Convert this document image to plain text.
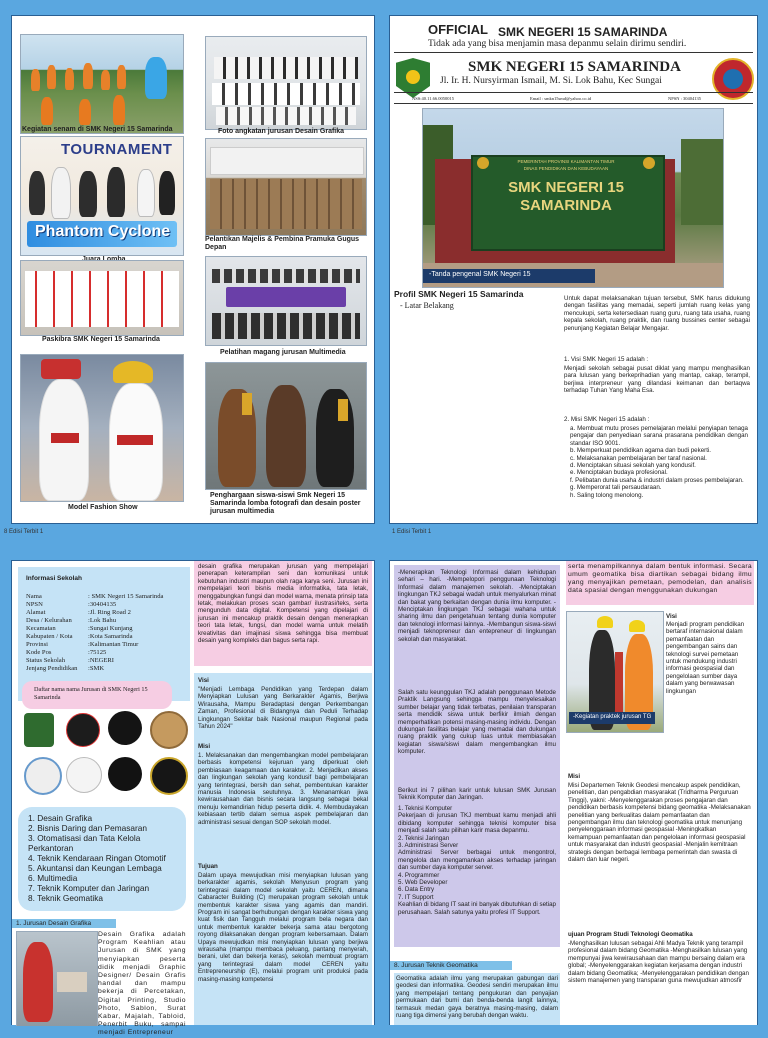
Kegiatan senam di SMK Negeri 15 Samarinda	Foto angkatan jurusan Desain Grafika
TOURNAMENT
Phantom Cyclone	Pelantikan Majelis & Pembina Pramuka Gugus Depan
Paskibra SMK Negeri 15 Samarinda
Pelatihan magang jurusan Multimedia
Model Fashion Show
Penghargaan siswa-siswi Smk Negeri 15 Samarinda lomba fotografi dan desain poster jurusan multimedia
8 Edisi Terbit 1
OFFICIAL SMK NEGERI 15 SAMARINDA
Tidak ada yang bisa menjamin masa depanmu selain dirimu sendiri.
SMK NEGERI 15 SAMARINDA
Jl. Ir. H. Nursyirman Ismail, M. Si. Lok Bahu, Kec Sungai
NSS:40.11.66.0050015	Email : smkn15smd@yahoo.co.id	NPSN : 30404135
PEMERINTAH PROVINSI KALIMANTAN TIMUR
DINAS PENDIDIKAN DAN KEBUDAYAAN
SMK NEGERI 15
SAMARINDA
-Tanda pengenal SMK Negeri 15
Profil SMK Negeri 15 Samarinda
- Latar Belakang
Untuk dapat melaksanakan tujuan tersebut, SMK harus didukung dengan fasilitas yang memadai, seperti jumlah ruang kelas yang mencukupi, serta ketersediaan ruang guru, ruang tata usaha, ruang kepala sekolah, ruang praktik, dan ruang bussines center sebagai penunjang Kegiatan Belajar Mengajar.
1. Visi SMK Negeri 15 adalah :
Menjadi sekolah sebagai pusat diklat yang mampu menghasilkan para lulusan yang berkeprihadian yang mantap, cakap, terampil, berjiwa interpreneur yang dilandasi keimanan dan bertaqwa terhadap Tuhan Yang Maha Esa.
2. Misi SMK Negeri 15 adalah :
a. Membuat mutu proses pemelajaran melalui penyiapan tenaga pengajar dan penyediaan sarana prasarana pendidikan dengan standar ISO 9001.
b. Memperkuat pendidikan agama dan budi pekerti.
c. Melaksanakan pembelajaran ber taraf nasional.
d. Menciptakan situasi sekolah yang kondusif.
e. Menciptakan budaya profesional.
f. Pelibatan dunia usaha & industri dalam proses pembelajaran.
g. Memperorat tali persaudaraan.
h. Saling tolong menolong.
1 Edisi Terbit 1
Informasi Sekolah
Nama	: SMK Negeri 15 Samarinda
NPSN	:30404135
Alamat	:Jl. Ring Road 2
Desa / Kelurahan :Lok Bahu
Kecamatan	:Sungai Kunjang
Kabupaten / Kota :Kota Samarinda
Provinsi	:Kalimantan Timur
Kode Pos	:75125
Status Sekolah	:NEGERI
Jenjang Pendidikan :SMK
Daftar nama nama Jurusan di SMK Negeri 15 Samarinda
1. Desain Grafika
2. Bisnis Daring dan Pemasaran
3. Otomatisasi dan Tata Kelola Perkantoran
4. Teknik Kendaraan Ringan Otomotif
5. Akuntansi dan Keungan Lembaga
6. Multimedia
7. Teknik Komputer dan Jaringan
8. Teknik Geomatika
1. Jurusan Desain Grafika
Desain Grafika adalah Program Keahlian atau Jurusan di SMK yang menyiapkan peserta didik menjadi Graphic Designer/ Desain Grafis handal dan mampu bekerja di Percetakan, Digital Printing, Studio Photo, Sablon, Surat Kabar, Majalah, Tabloid, Penerbit Buku, sampai menjadi Entrepreneur
desain grafika merupakan jurusan yang mempelajari penerapan keterampilan seni dan komunikasi untuk kebutuhan industri maupun olah raga karya seni. Jurusan ini mempelajari teori bisnis media informatika, tata letak, menggabungkan fungsi dan model warna, menata prinsip tata letak, melakukan proses scan gambar/ ilustrasi/teks, serta mengunduh data digital. Kompetensi yang dipelajari di jurusan ini mencakup praktik desain dengan menerapkan teori tata letak, fungsi, dan model warna untuk melatih kreativitas dan imajinasi siswa sehingga bisa membuat desain yang kompleks dan bagus serta rapi.
Visi
"Menjadi Lembaga Pendidikan yang Terdepan dalam Menyiapkan Lulusan yang Berkarakter Agamis, Berjiwa Wirausaha, Mampu Beradaptasi dengan Perkembangan Zaman, Profesional di Bidangnya dan Peduli Terhadap Lingkungan Sekitar baik Nasional maupun Regional pada Tahun 2024"
Misi
1. Melaksanakan dan mengembangkan model pembelajaran berbasis kompetensi kejuruan yang diperkuat oleh pembiasaan keagamaan dan karakter. 2. Menjadikan akses dan lingkungan sekolah yang kondusif bagi pembelajaran yang terintegrasi, bersih dan sehat, pembentukan karakter manusia Indonesia seutuhnya. 3. Menanamkan jiwa kewirausahaan dan bisnis secara langsung sebagai bekal menuju kemandirian hidup peserta didik. 4. Membudayakan kebiasaan tertib dalam semua aspek pembelajaran dan administrasi sesuai dengan SOP sekolah model.
Tujuan
Dalam upaya mewujudkan misi menyiapkan lulusan yang berkarakter agamis, sekolah Menyusun program yang terintegrasi dalam model sekolah yaitu CEREN, dimana Cabaracter Building (C) merupakan program sekolah untuk membentuk karakter siswa yang agamis dan mandiri. Program ini sangat berhubungan dengan karakter siswa yang kuat fisik dan Tangguh melalui program bela negara dan untuk membentuk karakter bekerja sama atau bergotong royong dilaksanakan dengan program kebersamaan. Dalam Upaya mewujudkan misi menyiapkan lulusan yang berjiwa wirausaha (mampu membaca peluang, pantang menyerah, berani, ulet dan bekerja keras), sekolah membuat program yang terintegrasi dalam model CEREN yaitu Entrepreneurship (E), melalui program unit produksi pada masing-masing kompetensi
-Menerapkan Teknologi Informasi dalam kehidupan sehari – hari. -Mempelopori penggunaan Teknologi Informasi dalam manajemen sekolah. -Menciptakan lingkungan TKJ sebagai wadah untuk menyalurkan minat dan bakat yang berkaitan dengan dunia ilmu komputer. -Menciptakan lingkungan TKJ sebagai wahana untuk sharing ilmu dan pengetahuan tentang dunia komputer dan teknologi informasi lainnya. -Membangun siswa-siswi menjadi teknopreneur dan entepreneur di lingkungan sekolah dan masyarakat.
Salah satu keunggulan TKJ adalah penggunaan Metode Praktik Langsung sehingga mampu menyelesaikan sumber belajar yang tidak terbatas, penilaian transparan serta mendidik siswa untuk berfikir ilmiah dengan memperhatikan potensi masing-masing individu. Dengan dukungan fasilitas belajar yang memadai dan dukungan ruang praktik yang cukup luas untuk membiasakan kegiatan siswa/siswi dalam mengembangkan ilmu komputer.
Berikut ini 7 pilihan karir untuk lulusan SMK Jurusan Teknik Komputer dan Jaringan.
1. Teknisi Komputer
Pekerjaan di jurusan TKJ membuat kamu menjadi ahli dibidang komputer sehingga teknisi komputer bisa menjadi salah satu pilihan karir masa depanmu.
2. Teknisi Jaringan
3. Administrasi Server
Administrasi Server berbagai untuk mengontrol, mengelola dan mengamankan akses terhadap jaringan dan sumber daya komputer server.
4. Programmer
5. Web Developer
6. Data Entry
7. IT Support
Keahlian di bidang IT saat ini banyak dibutuhkan di setiap perusahaan. Salah satunya yaitu profesi IT Support.
8. Jurusan Teknik Geomatika
Geomatika adalah ilmu yang merupakan gabungan dari geodesi dan informatika. Geodesi sendiri merupakan ilmu yang mempelajari tentang pengukuran dan penyajian permukaan dari bumi dan benda-benda langit lainnya, termasuk medan gaya beratnya masing-masing, dalam ruang tiga dimensi yang berubah dengan waktu.
serta menampilkannya dalam bentuk informasi. Secara umum geomatika bisa diartikan sebagai bidang ilmu yang menyajikan pemetaan, pemodelan, dan analisis data spasial dengan menggunakan dukungan
-Kegiatan praktek jurusan TG
Visi
Menjadi program pendidikan bertaraf internasional dalam pemanfaatan dan pengembangan sains dan teknologi survei pemetaan untuk mendukung industri informasi geospasial dan pengelolaan sumber daya dalam yang berwawasan lingkungan
Misi
Misi Departemen Teknik Geodesi mencakup aspek pendidikan, penelitian, dan pengabdian masyarakat (Tridharma Perguruan Tinggi), yakni: -Menyelenggarakan proses pengajaran dan pendidikan berbasis kompetensi bidang geomatika -Melaksanakan penelitian yang berkualitas dalam pemanfaatan dan pengembangan ilmu dan teknologi geomatika untuk menunjang penyelenggaraan informasi geospasial -Meningkatkan kemampuan pemanfaatan dan pengelolaan informasi geospasial untuk masyarakat dan industri geospasial -Menjalin kemitraan strategis dengan berbagai lembaga pemerintah dan swasta di dalam dan luar negeri.
ujuan Program Studi Teknologi Geomatika
-Menghasilkan lulusan sebagai Ahli Madya Teknik yang terampil profesional dalam bidang Geomatika -Menghasilkan lulusan yang mempunyai jiwa kewirausahaan dan mampu bersaing dalam era global; -Menyelenggarakan kegiatan kerjasama dengan industri dalam bidang Geomatika; -Menyelenggarakan pendidikan dengan sistem manajemen yang transparan guna mewujudkan atmosfir
